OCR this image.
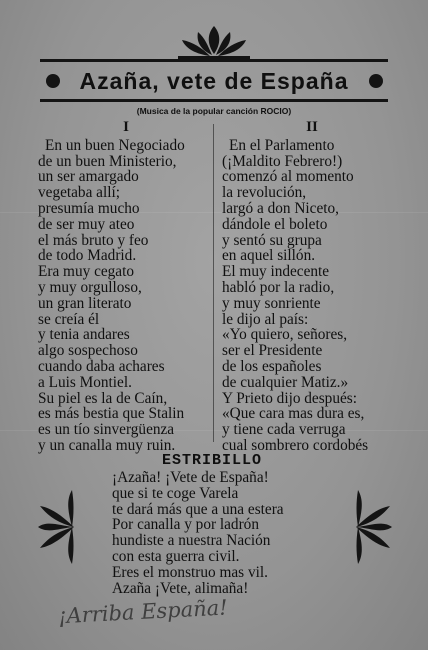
Azaña, vete de España
(Musica de la popular canción ROCIO)
I
En un buen Negociado
de un buen Ministerio,
un ser amargado
vegetaba allí;
presumía mucho
de ser muy ateo
el más bruto y feo
de todo Madrid.
Era muy cegato
y muy orgulloso,
un gran literato
se creía él
y tenia andares
algo sospechoso
cuando daba achares
a Luis Montiel.
Su piel es la de Caín,
es más bestia que Stalin
es un tío sinvergüenza
y un canalla muy ruin.
II
En el Parlamento
(¡Maldito Febrero!)
comenzó al momento
la revolución,
largó a don Niceto,
dándole el boleto
y sentó su grupa
en aquel sillón.
El muy indecente
habló por la radio,
y muy sonriente
le dijo al país:
«Yo quiero, señores,
ser el Presidente
de los españoles
de cualquier Matiz.»
Y Prieto dijo después:
«Que cara mas dura es,
y tiene cada verruga
cual sombrero cordobés
ESTRIBILLO
¡Azaña! ¡Vete de España!
que si te coge Varela
te dará más que a una estera
Por canalla y por ladrón
hundiste a nuestra Nación
con esta guerra civil.
Eres el monstruo mas vil.
Azaña ¡Vete, alimaña!
¡Arriba España!
